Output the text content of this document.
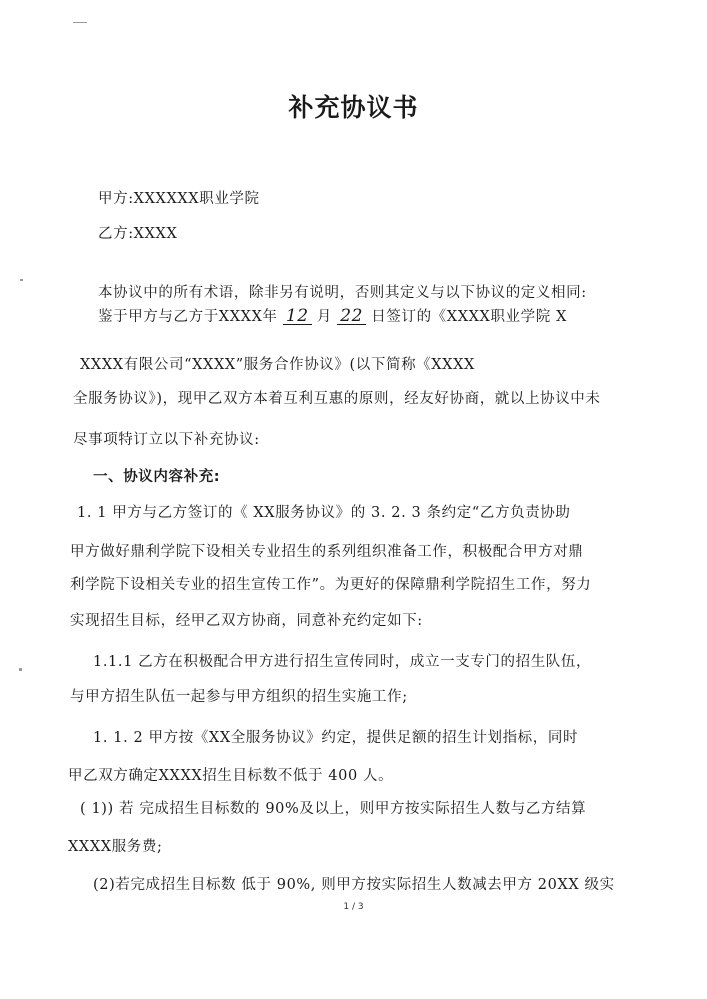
补充协议书
甲方:XXXXXX职业学院
乙方:XXXX
本协议中的所有术语，除非另有说明，否则其定义与以下协议的定义相同:
鉴于甲方与乙方于XXXX年 12 月 22 日签订的《XXXX职业学院 X
XXXX有限公司“XXXX”服务合作协议》(以下简称《XXXX
全服务协议》)，现甲乙双方本着互利互惠的原则，经友好协商，就以上协议中未
尽事项特订立以下补充协议:
一、协议内容补充:
1. 1 甲方与乙方签订的《 XX服务协议》的 3. 2. 3 条约定“乙方负责协助
甲方做好鼎利学院下设相关专业招生的系列组织准备工作，积极配合甲方对鼎
利学院下设相关专业的招生宣传工作”。为更好的保障鼎利学院招生工作，努力
实现招生目标，经甲乙双方协商，同意补充约定如下:
1.1.1 乙方在积极配合甲方进行招生宣传同时，成立一支专门的招生队伍，
与甲方招生队伍一起参与甲方组织的招生实施工作;
1. 1. 2 甲方按《XX全服务协议》约定，提供足额的招生计划指标，同时
甲乙双方确定XXXX招生目标数不低于 400 人。
( 1)) 若 完成招生目标数的 90%及以上，则甲方按实际招生人数与乙方结算
XXXX服务费;
(2)若完成招生目标数 低于 90%, 则甲方按实际招生人数减去甲方 20XX 级实
1 / 3
